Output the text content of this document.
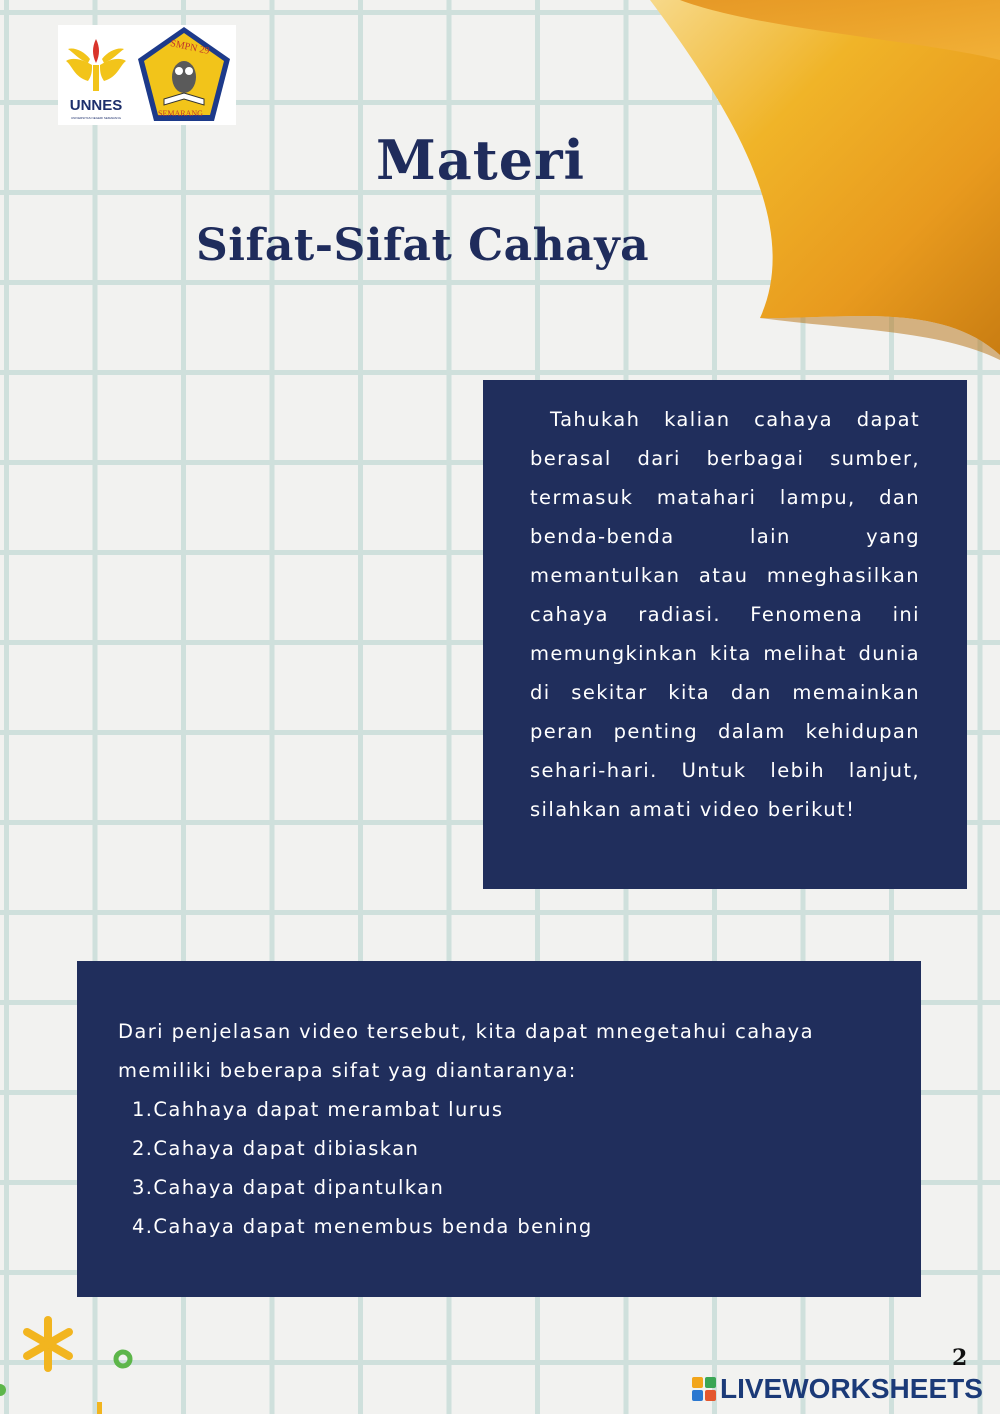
UNNES
UNIVERSITAS NEGERI SEMARANG
SMPN 29
SEMARANG
Materi
Sifat-Sifat Cahaya

Tahukah kalian cahaya dapat berasal dari berbagai sumber, termasuk matahari lampu, dan benda-benda lain yang memantulkan atau mneghasilkan cahaya radiasi. Fenomena ini memungkinkan kita melihat dunia di sekitar kita dan memainkan peran penting dalam kehidupan sehari-hari. Untuk lebih lanjut, silahkan amati video berikut!

Dari penjelasan video tersebut, kita dapat mnegetahui cahaya
memiliki beberapa sifat yag diantaranya:
1.Cahhaya dapat merambat lurus
2.Cahaya dapat dibiaskan
3.Cahaya dapat dipantulkan
4.Cahaya dapat menembus benda bening
2
LIVEWORKSHEETS
